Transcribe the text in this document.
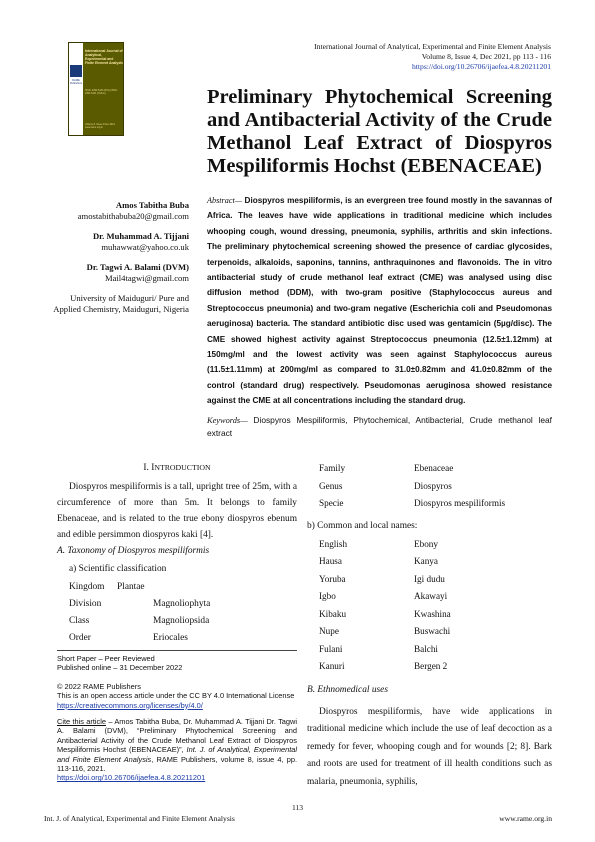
RAME Publishers
International Journal of Analytical, Experimental and Finite Element Analysis
ISSN: 2394-5133 (Print) ISSN: 2394-5141 (Online)
Volume 8, Issue 4 Dec 2021
www.rame.org.in
International Journal of Analytical, Experimental and Finite Element Analysis
Volume 8, Issue 4, Dec 2021, pp 113 - 116
https://doi.org/10.26706/ijaefea.4.8.20211201
Preliminary Phytochemical Screening and Antibacterial Activity of the Crude Methanol Leaf Extract of Diospyros Mespiliformis Hochst (EBENACEAE)
Amos Tabitha Buba
amostabithabuba20@gmail.com
Dr. Muhammad A. Tijjani
muhawwat@yahoo.co.uk
Dr. Tagwi A. Balami (DVM)
Mail4tagwi@gmail.com
University of Maiduguri/ Pure and Applied Chemistry, Maiduguri, Nigeria
Abstract— Diospyros mespiliformis, is an evergreen tree found mostly in the savannas of Africa. The leaves have wide applications in traditional medicine which includes whooping cough, wound dressing, pneumonia, syphilis, arthritis and skin infections. The preliminary phytochemical screening showed the presence of cardiac glycosides, terpenoids, alkaloids, saponins, tannins, anthraquinones and flavonoids. The in vitro antibacterial study of crude methanol leaf extract (CME) was analysed using disc diffusion method (DDM), with two-gram positive (Staphylococcus aureus and Streptococcus pneumonia) and two-gram negative (Escherichia coli and Pseudomonas aeruginosa) bacteria. The standard antibiotic disc used was gentamicin (5µg/disc). The CME showed highest activity against Streptococcus pneumonia (12.5±1.12mm) at 150mg/ml and the lowest activity was seen against Staphylococcus aureus (11.5±1.11mm) at 200mg/ml as compared to 31.0±0.82mm and 41.0±0.82mm of the control (standard drug) respectively. Pseudomonas aeruginosa showed resistance against the CME at all concentrations including the standard drug.
Keywords— Diospyros Mespiliformis, Phytochemical, Antibacterial, Crude methanol leaf extract
I. INTRODUCTION
Diospyros mespiliformis is a tall, upright tree of 25m, with a circumference of more than 5m. It belongs to family Ebenaceae, and is related to the true ebony diospyros ebenum and edible persimmon diospyros kaki [4].
A. Taxonomy of Diospyros mespiliformis
a) Scientific classification
Kingdom	Plantae
Division	Magnoliophyta
Class	Magnoliopsida
Order	Eriocales
Short Paper – Peer Reviewed
Published online – 31 December 2022
© 2022 RAME Publishers
This is an open access article under the CC BY 4.0 International License
https://creativecommons.org/licenses/by/4.0/
Cite this article – Amos Tabitha Buba, Dr. Muhammad A. Tijjani Dr. Tagwi A. Balami (DVM), “Preliminary Phytochemical Screening and Antibacterial Activity of the Crude Methanol Leaf Extract of Diospyros Mespiliformis Hochst (EBENACEAE)”, Int. J. of Analytical, Experimental and Finite Element Analysis, RAME Publishers, volume 8, issue 4, pp. 113-116, 2021.
https://doi.org/10.26706/ijaefea.4.8.20211201
Family	Ebenaceae
Genus	Diospyros
Specie	Diospyros mespiliformis
b) Common and local names:
English	Ebony
Hausa	Kanya
Yoruba	Igi dudu
Igbo	Akawayi
Kibaku	Kwashina
Nupe	Buswachi
Fulani	Balchi
Kanuri	Bergen 2
B. Ethnomedical uses
Diospyros mespiliformis, have wide applications in traditional medicine which include the use of leaf decoction as a remedy for fever, whooping cough and for wounds [2; 8]. Bark and roots are used for treatment of ill health conditions such as malaria, pneumonia, syphilis,
113
Int. J. of Analytical, Experimental and Finite Element Analysis	www.rame.org.in
